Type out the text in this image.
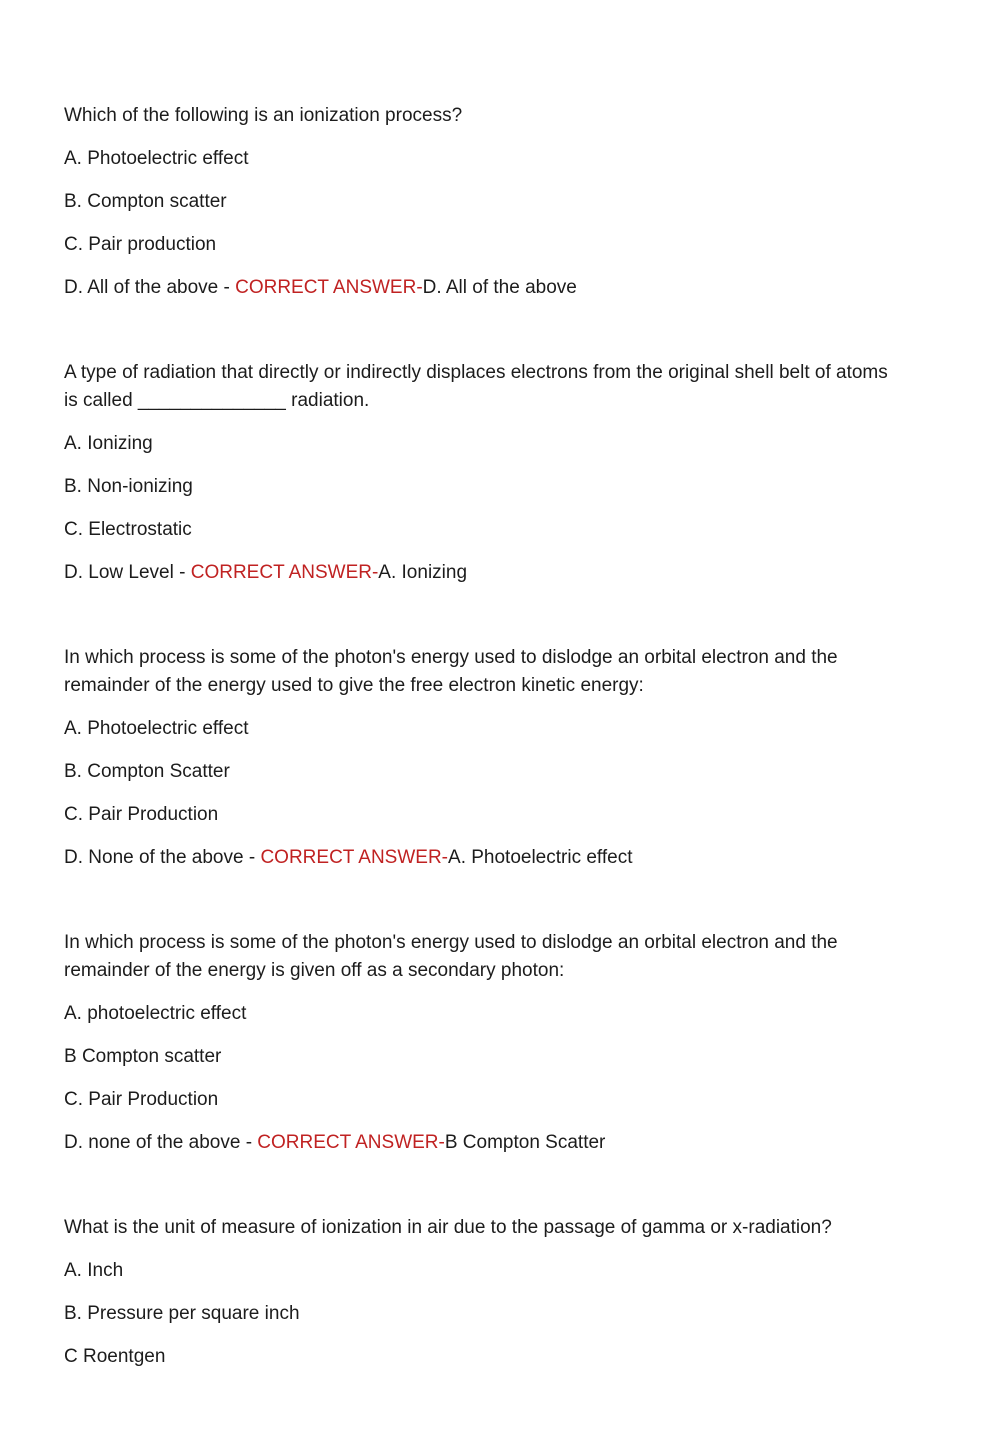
Which of the following is an ionization process?

A. Photoelectric effect

B. Compton scatter

C. Pair production

D. All of the above - CORRECT ANSWER-D. All of the above

A type of radiation that directly or indirectly displaces electrons from the original shell belt of atoms
is called ______________ radiation.

A. Ionizing

B. Non-ionizing

C. Electrostatic

D. Low Level - CORRECT ANSWER-A. Ionizing

In which process is some of the photon's energy used to dislodge an orbital electron and the
remainder of the energy used to give the free electron kinetic energy:

A. Photoelectric effect

B. Compton Scatter

C. Pair Production

D. None of the above - CORRECT ANSWER-A. Photoelectric effect

In which process is some of the photon's energy used to dislodge an orbital electron and the
remainder of the energy is given off as a secondary photon:

A. photoelectric effect

B Compton scatter

C. Pair Production

D. none of the above - CORRECT ANSWER-B Compton Scatter

What is the unit of measure of ionization in air due to the passage of gamma or x-radiation?

A. Inch

B. Pressure per square inch

C Roentgen
